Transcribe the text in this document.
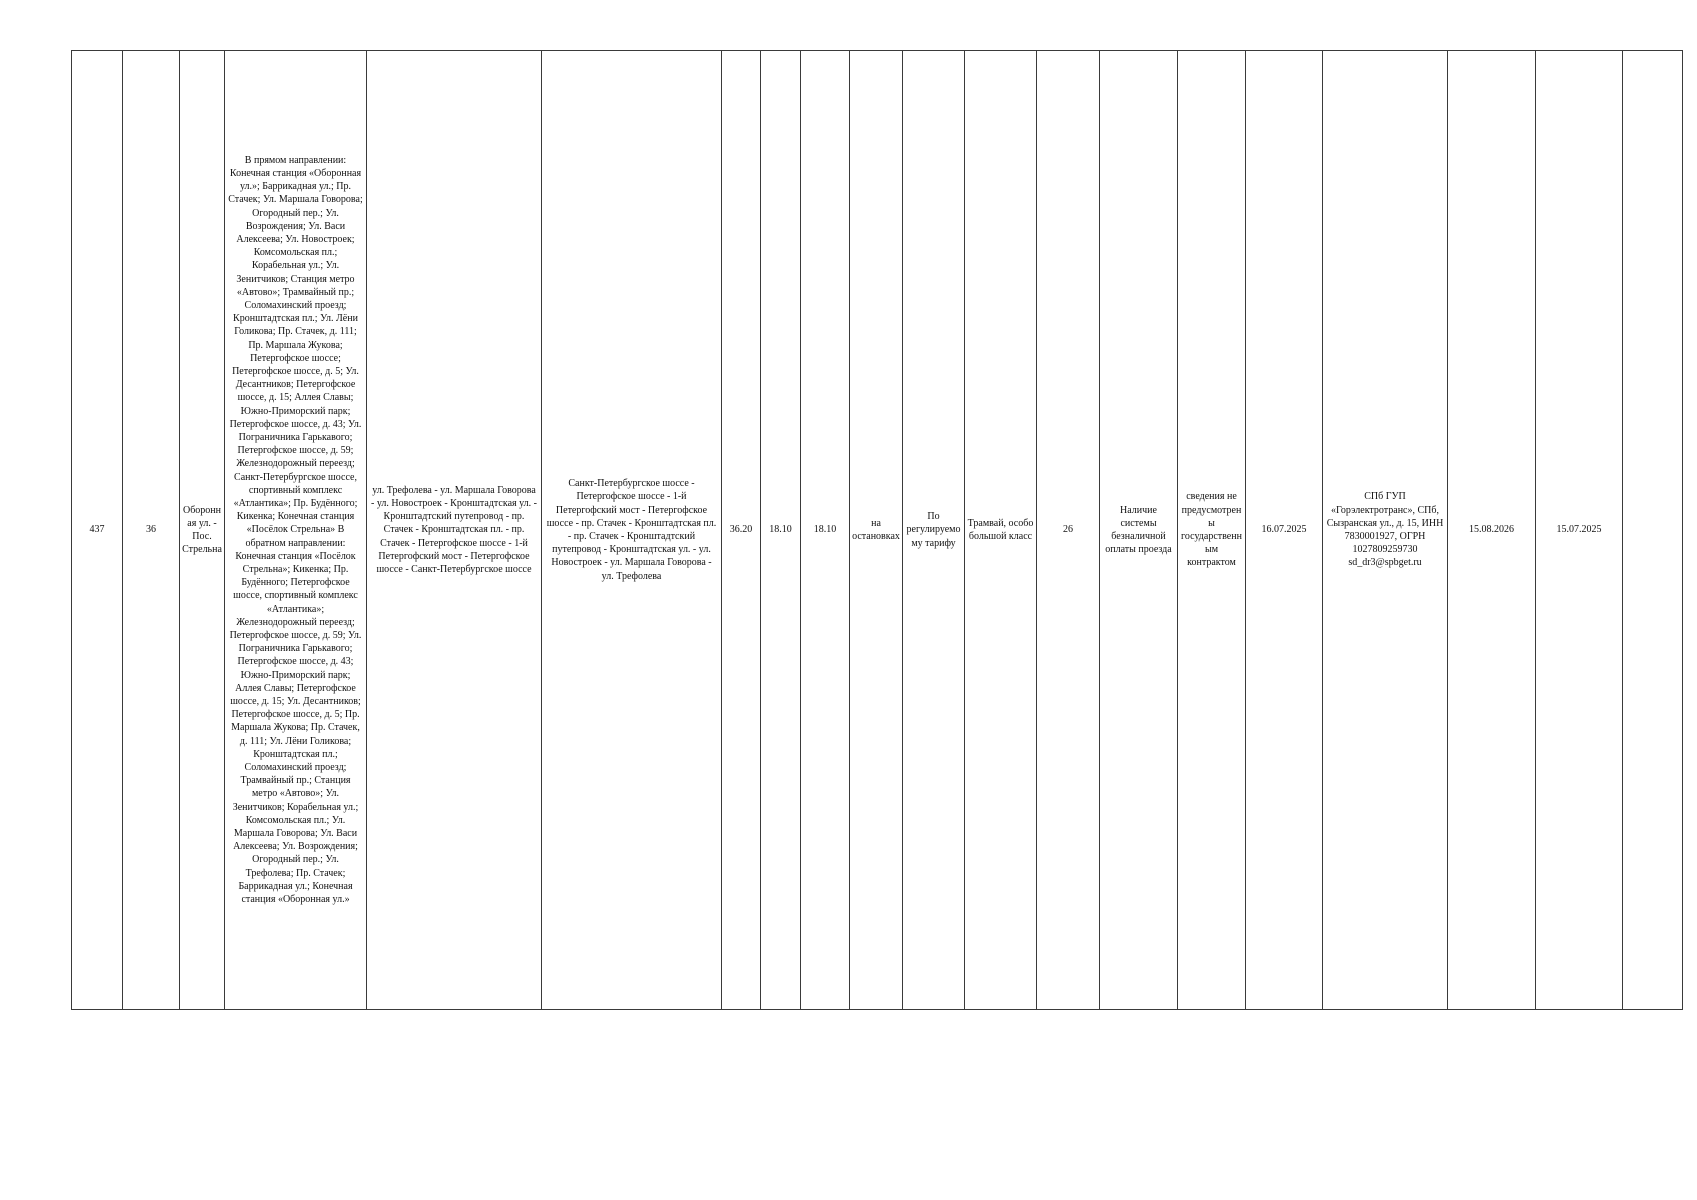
437	36	Оборонная ул. - Пос. Стрельна	В прямом направлении: Конечная станция «Оборонная ул.»; Баррикадная ул.; Пр. Стачек; Ул. Маршала Говорова; Огородный пер.; Ул. Возрождения; Ул. Васи Алексеева; Ул. Новостроек; Комсомольская пл.; Корабельная ул.; Ул. Зенитчиков; Станция метро «Автово»; Трамвайный пр.; Соломахинский проезд; Кронштадтская пл.; Ул. Лёни Голикова; Пр. Стачек, д. 111; Пр. Маршала Жукова; Петергофское шоссе; Петергофское шоссе, д. 5; Ул. Десантников; Петергофское шоссе, д. 15; Аллея Славы; Южно-Приморский парк; Петергофское шоссе, д. 43; Ул. Пограничника Гарькавого; Петергофское шоссе, д. 59; Железнодорожный переезд; Санкт-Петербургское шоссе, спортивный комплекс «Атлантика»; Пр. Будённого; Кикенка; Конечная станция «Посёлок Стрельна» В обратном направлении: Конечная станция «Посёлок Стрельна»; Кикенка; Пр. Будённого; Петергофское шоссе, спортивный комплекс «Атлантика»; Железнодорожный переезд; Петергофское шоссе, д. 59; Ул. Пограничника Гарькавого; Петергофское шоссе, д. 43; Южно-Приморский парк; Аллея Славы; Петергофское шоссе, д. 15; Ул. Десантников; Петергофское шоссе, д. 5; Пр. Маршала Жукова; Пр. Стачек, д. 111; Ул. Лёни Голикова; Кронштадтская пл.; Соломахинский проезд; Трамвайный пр.; Станция метро «Автово»; Ул. Зенитчиков; Корабельная ул.; Комсомольская пл.; Ул. Маршала Говорова; Ул. Васи Алексеева; Ул. Возрождения; Огородный пер.; Ул. Трефолева; Пр. Стачек; Баррикадная ул.; Конечная станция «Оборонная ул.»	ул. Трефолева - ул. Маршала Говорова - ул. Новостроек - Кронштадтская ул. - Кронштадтский путепровод - пр. Стачек - Кронштадтская пл. - пр. Стачек - Петергофское шоссе - 1-й Петергофский мост - Петергофское шоссе - Санкт-Петербургское шоссе	Санкт-Петербургское шоссе - Петергофское шоссе - 1-й Петергофский мост - Петергофское шоссе - пр. Стачек - Кронштадтская пл. - пр. Стачек - Кронштадтский путепровод - Кронштадтская ул. - ул. Новостроек - ул. Маршала Говорова - ул. Трефолева	36.20	18.10	18.10	на остановках	По регулируемому тарифу	Трамвай, особо большой класс	26	Наличие системы безналичной оплаты проезда	сведения не предусмотрены государственным контрактом	16.07.2025	СПб ГУП «Горэлектротранс», СПб, Сызранская ул., д. 15, ИНН 7830001927, ОГРН 1027809259730 sd_dr3@spbget.ru	15.08.2026	15.07.2025	
